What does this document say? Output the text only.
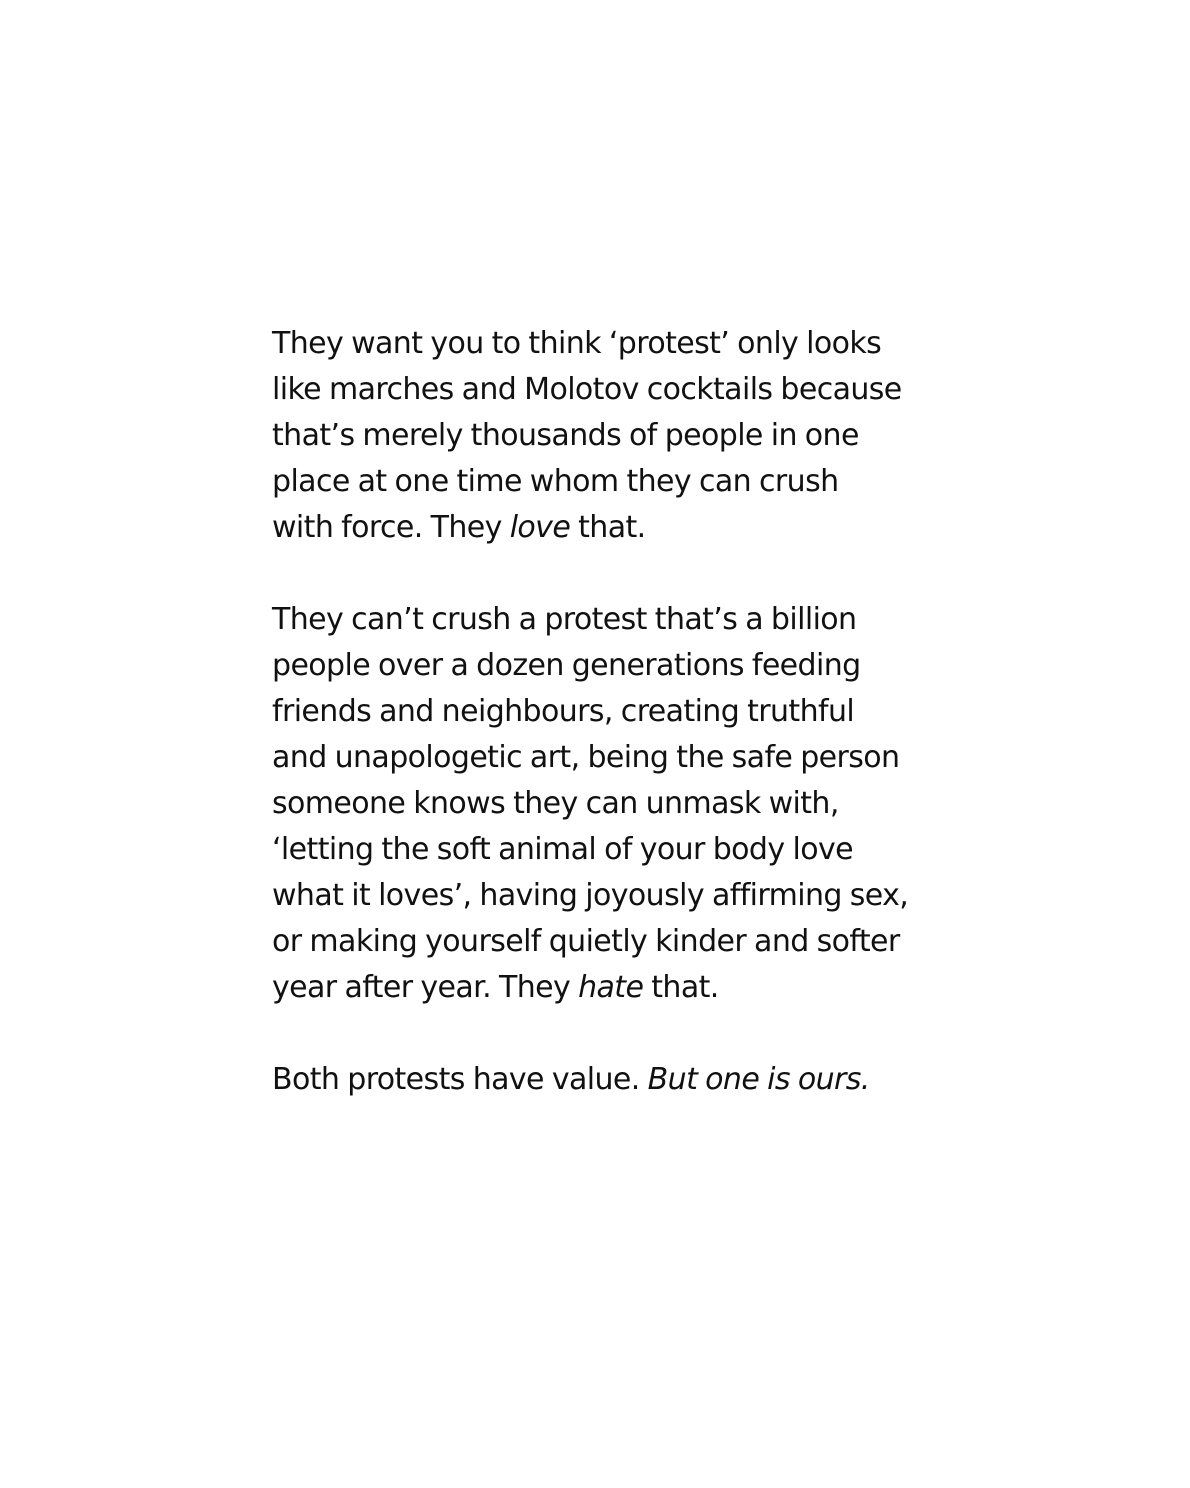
They want you to think ‘protest’ only looks
like marches and Molotov cocktails because
that’s merely thousands of people in one
place at one time whom they can crush
with force. They love that.

They can’t crush a protest that’s a billion
people over a dozen generations feeding
friends and neighbours, creating truthful
and unapologetic art, being the safe person
someone knows they can unmask with,
‘letting the soft animal of your body love
what it loves’, having joyously affirming sex,
or making yourself quietly kinder and softer
year after year. They hate that.

Both protests have value. But one is ours.
